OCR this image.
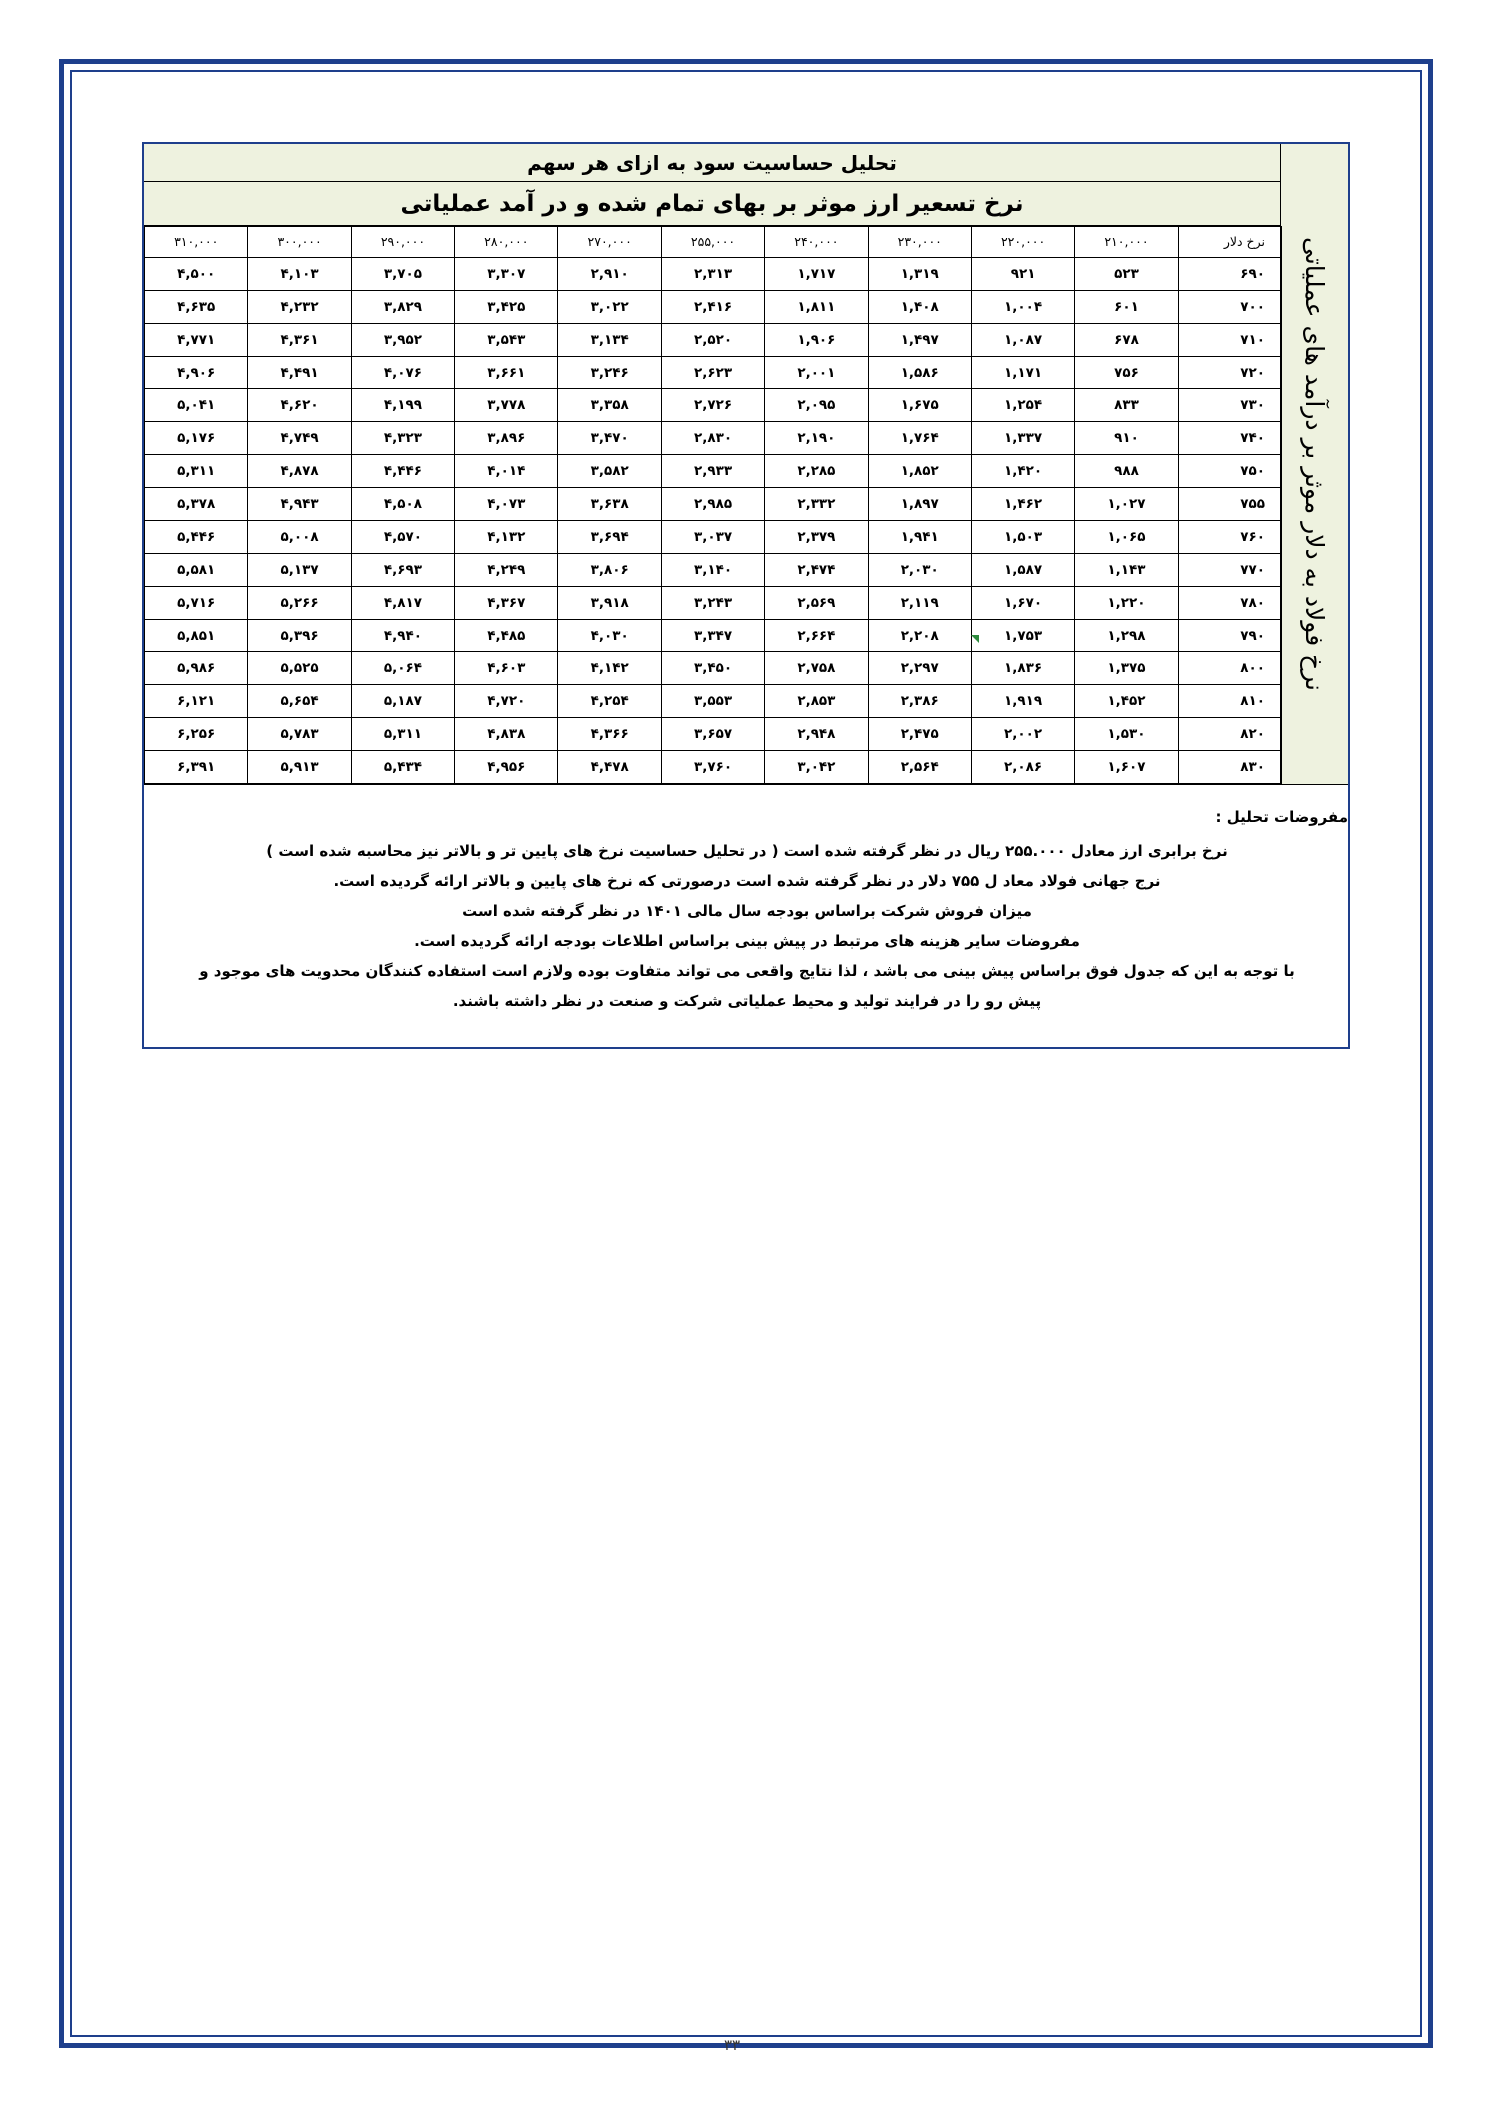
تحلیل حساسیت سود به ازای هر سهم
نرخ تسعیر ارز موثر بر بهای تمام شده و در آمد عملیاتی
نرخ فولاد به دلار موثر بر درآمد های عملیاتی
نرخ دلار	۲۱۰,۰۰۰	۲۲۰,۰۰۰	۲۳۰,۰۰۰	۲۴۰,۰۰۰	۲۵۵,۰۰۰	۲۷۰,۰۰۰	۲۸۰,۰۰۰	۲۹۰,۰۰۰	۳۰۰,۰۰۰	۳۱۰,۰۰۰
۶۹۰	۵۲۳	۹۲۱	۱,۳۱۹	۱,۷۱۷	۲,۳۱۳	۲,۹۱۰	۳,۳۰۷	۳,۷۰۵	۴,۱۰۳	۴,۵۰۰
۷۰۰	۶۰۱	۱,۰۰۴	۱,۴۰۸	۱,۸۱۱	۲,۴۱۶	۳,۰۲۲	۳,۴۲۵	۳,۸۲۹	۴,۲۳۲	۴,۶۳۵
۷۱۰	۶۷۸	۱,۰۸۷	۱,۴۹۷	۱,۹۰۶	۲,۵۲۰	۳,۱۳۴	۳,۵۴۳	۳,۹۵۲	۴,۳۶۱	۴,۷۷۱
۷۲۰	۷۵۶	۱,۱۷۱	۱,۵۸۶	۲,۰۰۱	۲,۶۲۳	۳,۲۴۶	۳,۶۶۱	۴,۰۷۶	۴,۴۹۱	۴,۹۰۶
۷۳۰	۸۳۳	۱,۲۵۴	۱,۶۷۵	۲,۰۹۵	۲,۷۲۶	۳,۳۵۸	۳,۷۷۸	۴,۱۹۹	۴,۶۲۰	۵,۰۴۱
۷۴۰	۹۱۰	۱,۳۳۷	۱,۷۶۴	۲,۱۹۰	۲,۸۳۰	۳,۴۷۰	۳,۸۹۶	۴,۳۲۳	۴,۷۴۹	۵,۱۷۶
۷۵۰	۹۸۸	۱,۴۲۰	۱,۸۵۲	۲,۲۸۵	۲,۹۳۳	۳,۵۸۲	۴,۰۱۴	۴,۴۴۶	۴,۸۷۸	۵,۳۱۱
۷۵۵	۱,۰۲۷	۱,۴۶۲	۱,۸۹۷	۲,۳۳۲	۲,۹۸۵	۳,۶۳۸	۴,۰۷۳	۴,۵۰۸	۴,۹۴۳	۵,۳۷۸
۷۶۰	۱,۰۶۵	۱,۵۰۳	۱,۹۴۱	۲,۳۷۹	۳,۰۳۷	۳,۶۹۴	۴,۱۳۲	۴,۵۷۰	۵,۰۰۸	۵,۴۴۶
۷۷۰	۱,۱۴۳	۱,۵۸۷	۲,۰۳۰	۲,۴۷۴	۳,۱۴۰	۳,۸۰۶	۴,۲۴۹	۴,۶۹۳	۵,۱۳۷	۵,۵۸۱
۷۸۰	۱,۲۲۰	۱,۶۷۰	۲,۱۱۹	۲,۵۶۹	۳,۲۴۳	۳,۹۱۸	۴,۳۶۷	۴,۸۱۷	۵,۲۶۶	۵,۷۱۶
۷۹۰	۱,۲۹۸	۱,۷۵۳	۲,۲۰۸	۲,۶۶۴	۳,۳۴۷	۴,۰۳۰	۴,۴۸۵	۴,۹۴۰	۵,۳۹۶	۵,۸۵۱
۸۰۰	۱,۳۷۵	۱,۸۳۶	۲,۲۹۷	۲,۷۵۸	۳,۴۵۰	۴,۱۴۲	۴,۶۰۳	۵,۰۶۴	۵,۵۲۵	۵,۹۸۶
۸۱۰	۱,۴۵۲	۱,۹۱۹	۲,۳۸۶	۲,۸۵۳	۳,۵۵۳	۴,۲۵۴	۴,۷۲۰	۵,۱۸۷	۵,۶۵۴	۶,۱۲۱
۸۲۰	۱,۵۳۰	۲,۰۰۲	۲,۴۷۵	۲,۹۴۸	۳,۶۵۷	۴,۳۶۶	۴,۸۳۸	۵,۳۱۱	۵,۷۸۳	۶,۲۵۶
۸۳۰	۱,۶۰۷	۲,۰۸۶	۲,۵۶۴	۳,۰۴۲	۳,۷۶۰	۴,۴۷۸	۴,۹۵۶	۵,۴۳۴	۵,۹۱۳	۶,۳۹۱
مفروضات تحلیل :
نرخ برابری ارز معادل ۲۵۵.۰۰۰ ریال در نظر گرفته شده است ( در تحلیل حساسیت نرخ های پایین تر و بالاتر نیز محاسبه شده است )
نرج جهانی فولاد معاد ل ۷۵۵ دلار در نظر گرفته شده است درصورتی که نرخ های پایین و بالاتر ارائه گردیده است.
میزان فروش شرکت براساس بودجه سال مالی ۱۴۰۱ در نظر گرفته شده است
مفروضات سایر هزینه های مرتبط در پیش بینی براساس اطلاعات بودجه ارائه گردیده است.
با توجه به این که جدول فوق براساس پیش بینی می باشد ، لذا نتایج واقعی می تواند متفاوت بوده ولازم است استفاده کنندگان محدویت های موجود و
پیش رو را در فرایند تولید و محیط عملیاتی شرکت و صنعت در نظر داشته باشند.
۳۳
